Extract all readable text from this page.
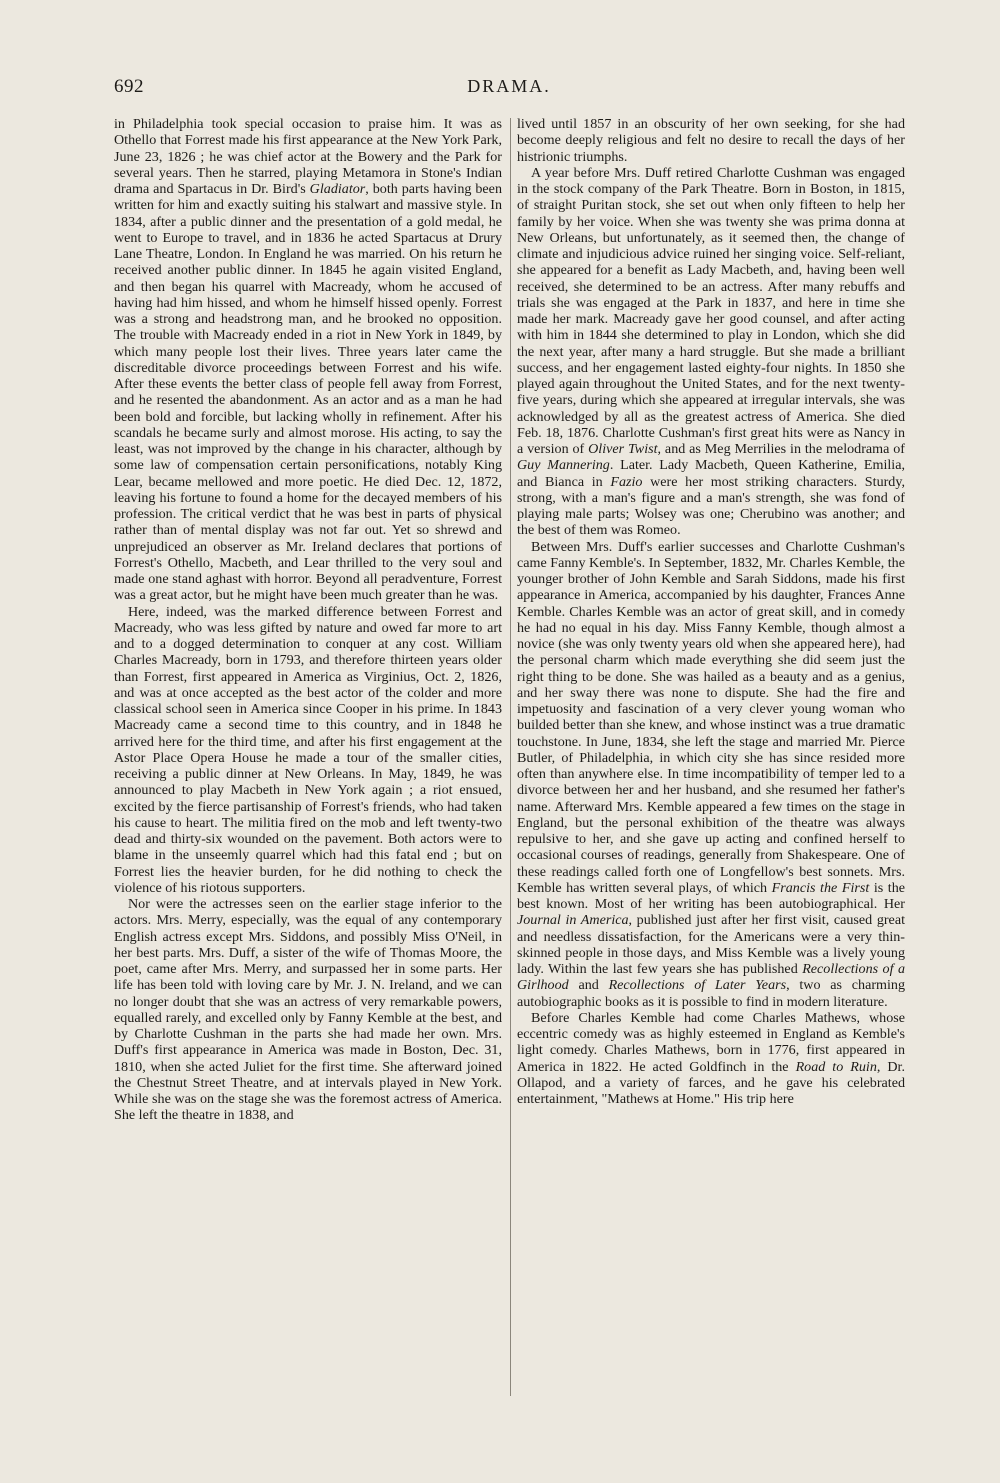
692	DRAMA.

in Philadelphia took special occasion to praise him. It was as Othello that Forrest made his first appearance at the New York Park, June 23, 1826 ; he was chief actor at the Bowery and the Park for several years. Then he starred, playing Metamora in Stone's Indian drama and Spartacus in Dr. Bird's Gladiator, both parts having been written for him and exactly suiting his stalwart and massive style. In 1834, after a public dinner and the presentation of a gold medal, he went to Europe to travel, and in 1836 he acted Spartacus at Drury Lane Theatre, London. In England he was married. On his return he received another public dinner. In 1845 he again visited England, and then began his quarrel with Macready, whom he accused of having had him hissed, and whom he himself hissed openly. Forrest was a strong and headstrong man, and he brooked no opposition. The trouble with Macready ended in a riot in New York in 1849, by which many people lost their lives. Three years later came the discreditable divorce proceedings between Forrest and his wife. After these events the better class of people fell away from Forrest, and he resented the abandonment. As an actor and as a man he had been bold and forcible, but lacking wholly in refinement. After his scandals he became surly and almost morose. His acting, to say the least, was not improved by the change in his character, although by some law of compensation certain personifications, notably King Lear, became mellowed and more poetic. He died Dec. 12, 1872, leaving his fortune to found a home for the decayed members of his profession. The critical verdict that he was best in parts of physical rather than of mental display was not far out. Yet so shrewd and unprejudiced an observer as Mr. Ireland declares that portions of Forrest's Othello, Macbeth, and Lear thrilled to the very soul and made one stand aghast with horror. Beyond all peradventure, Forrest was a great actor, but he might have been much greater than he was.

Here, indeed, was the marked difference between Forrest and Macready, who was less gifted by nature and owed far more to art and to a dogged determination to conquer at any cost. William Charles Macready, born in 1793, and therefore thirteen years older than Forrest, first appeared in America as Virginius, Oct. 2, 1826, and was at once accepted as the best actor of the colder and more classical school seen in America since Cooper in his prime. In 1843 Macready came a second time to this country, and in 1848 he arrived here for the third time, and after his first engagement at the Astor Place Opera House he made a tour of the smaller cities, receiving a public dinner at New Orleans. In May, 1849, he was announced to play Macbeth in New York again ; a riot ensued, excited by the fierce partisanship of Forrest's friends, who had taken his cause to heart. The militia fired on the mob and left twenty-two dead and thirty-six wounded on the pavement. Both actors were to blame in the unseemly quarrel which had this fatal end ; but on Forrest lies the heavier burden, for he did nothing to check the violence of his riotous supporters.

Nor were the actresses seen on the earlier stage inferior to the actors. Mrs. Merry, especially, was the equal of any contemporary English actress except Mrs. Siddons, and possibly Miss O'Neil, in her best parts. Mrs. Duff, a sister of the wife of Thomas Moore, the poet, came after Mrs. Merry, and surpassed her in some parts. Her life has been told with loving care by Mr. J. N. Ireland, and we can no longer doubt that she was an actress of very remarkable powers, equalled rarely, and excelled only by Fanny Kemble at the best, and by Charlotte Cushman in the parts she had made her own. Mrs. Duff's first appearance in America was made in Boston, Dec. 31, 1810, when she acted Juliet for the first time. She afterward joined the Chestnut Street Theatre, and at intervals played in New York. While she was on the stage she was the foremost actress of America. She left the theatre in 1838, and

lived until 1857 in an obscurity of her own seeking, for she had become deeply religious and felt no desire to recall the days of her histrionic triumphs.

A year before Mrs. Duff retired Charlotte Cushman was engaged in the stock company of the Park Theatre. Born in Boston, in 1815, of straight Puritan stock, she set out when only fifteen to help her family by her voice. When she was twenty she was prima donna at New Orleans, but unfortunately, as it seemed then, the change of climate and injudicious advice ruined her singing voice. Self-reliant, she appeared for a benefit as Lady Macbeth, and, having been well received, she determined to be an actress. After many rebuffs and trials she was engaged at the Park in 1837, and here in time she made her mark. Macready gave her good counsel, and after acting with him in 1844 she determined to play in London, which she did the next year, after many a hard struggle. But she made a brilliant success, and her engagement lasted eighty-four nights. In 1850 she played again throughout the United States, and for the next twenty-five years, during which she appeared at irregular intervals, she was acknowledged by all as the greatest actress of America. She died Feb. 18, 1876. Charlotte Cushman's first great hits were as Nancy in a version of Oliver Twist, and as Meg Merrilies in the melodrama of Guy Mannering. Later. Lady Macbeth, Queen Katherine, Emilia, and Bianca in Fazio were her most striking characters. Sturdy, strong, with a man's figure and a man's strength, she was fond of playing male parts; Wolsey was one; Cherubino was another; and the best of them was Romeo.

Between Mrs. Duff's earlier successes and Charlotte Cushman's came Fanny Kemble's. In September, 1832, Mr. Charles Kemble, the younger brother of John Kemble and Sarah Siddons, made his first appearance in America, accompanied by his daughter, Frances Anne Kemble. Charles Kemble was an actor of great skill, and in comedy he had no equal in his day. Miss Fanny Kemble, though almost a novice (she was only twenty years old when she appeared here), had the personal charm which made everything she did seem just the right thing to be done. She was hailed as a beauty and as a genius, and her sway there was none to dispute. She had the fire and impetuosity and fascination of a very clever young woman who builded better than she knew, and whose instinct was a true dramatic touchstone. In June, 1834, she left the stage and married Mr. Pierce Butler, of Philadelphia, in which city she has since resided more often than anywhere else. In time incompatibility of temper led to a divorce between her and her husband, and she resumed her father's name. Afterward Mrs. Kemble appeared a few times on the stage in England, but the personal exhibition of the theatre was always repulsive to her, and she gave up acting and confined herself to occasional courses of readings, generally from Shakespeare. One of these readings called forth one of Longfellow's best sonnets. Mrs. Kemble has written several plays, of which Francis the First is the best known. Most of her writing has been autobiographical. Her Journal in America, published just after her first visit, caused great and needless dissatisfaction, for the Americans were a very thin-skinned people in those days, and Miss Kemble was a lively young lady. Within the last few years she has published Recollections of a Girlhood and Recollections of Later Years, two as charming autobiographic books as it is possible to find in modern literature.

Before Charles Kemble had come Charles Mathews, whose eccentric comedy was as highly esteemed in England as Kemble's light comedy. Charles Mathews, born in 1776, first appeared in America in 1822. He acted Goldfinch in the Road to Ruin, Dr. Ollapod, and a variety of farces, and he gave his celebrated entertainment, "Mathews at Home." His trip here
